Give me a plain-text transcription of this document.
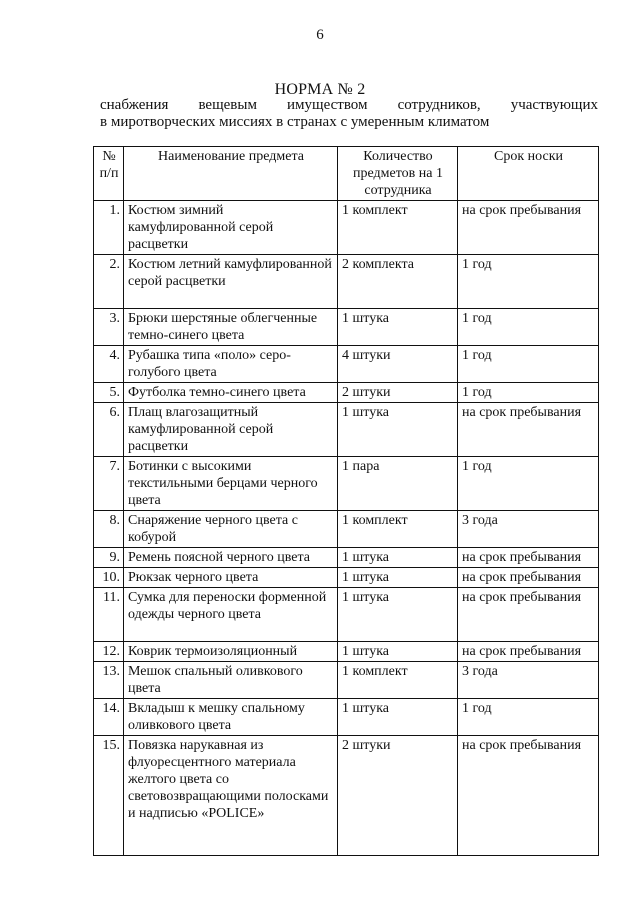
6
НОРМА № 2
снабжения вещевым имуществом сотрудников, участвующих
в миротворческих миссиях в странах с умеренным климатом
№ п/п	Наименование предмета	Количество предметов на 1 сотрудника	Срок носки
1.	Костюм зимний камуфлированной серой расцветки	1 комплект	на срок пребывания
2.	Костюм летний камуфлированной серой расцветки	2 комплекта	1 год
3.	Брюки шерстяные облегченные темно-синего цвета	1 штука	1 год
4.	Рубашка типа «поло» серо-голубого цвета	4 штуки	1 год
5.	Футболка темно-синего цвета	2 штуки	1 год
6.	Плащ влагозащитный камуфлированной серой расцветки	1 штука	на срок пребывания
7.	Ботинки с высокими текстильными берцами черного цвета	1 пара	1 год
8.	Снаряжение черного цвета с кобурой	1 комплект	3 года
9.	Ремень поясной черного цвета	1 штука	на срок пребывания
10.	Рюкзак черного цвета	1 штука	на срок пребывания
11.	Сумка для переноски форменной одежды черного цвета	1 штука	на срок пребывания
12.	Коврик термоизоляционный	1 штука	на срок пребывания
13.	Мешок спальный оливкового цвета	1 комплект	3 года
14.	Вкладыш к мешку спальному оливкового цвета	1 штука	1 год
15.	Повязка нарукавная из флуоресцентного материала желтого цвета со световозвращающими полосками и надписью «POLICE»	2 штуки	на срок пребывания
